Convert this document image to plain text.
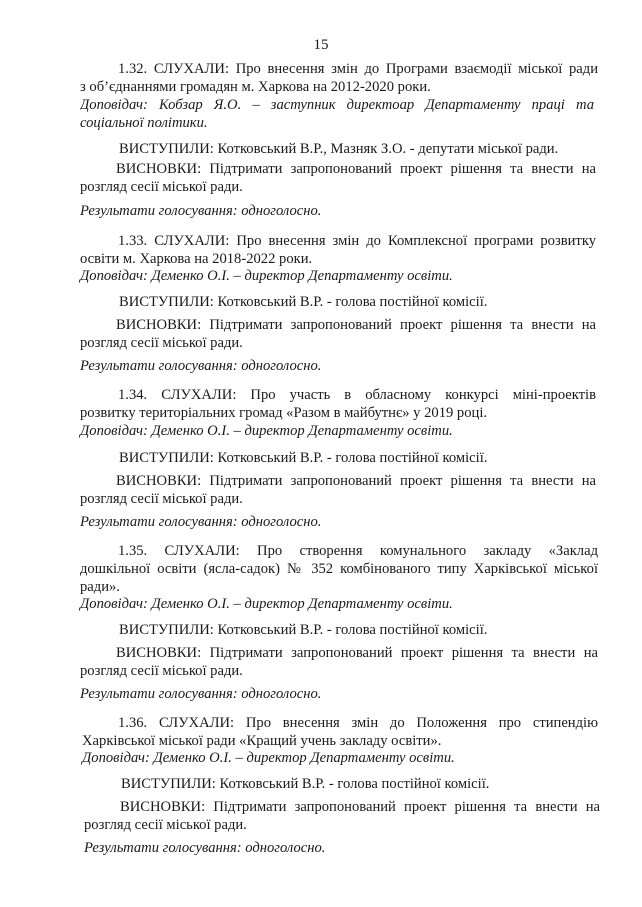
15
1.32. СЛУХАЛИ: Про внесення змін до Програми взаємодії міської ради
з об’єднаннями громадян м. Харкова на 2012-2020 роки.
Доповідач: Кобзар Я.О. – заступник директоар Департаменту праці та
соціальної політики.
ВИСТУПИЛИ: Котковський В.Р., Мазняк З.О. - депутати міської ради.
ВИСНОВКИ: Підтримати запропонований проект рішення та внести на
розгляд сесії міської ради.
Результати голосування: одноголосно.
1.33. СЛУХАЛИ: Про внесення змін до Комплексної програми розвитку
освіти м. Харкова на 2018-2022 роки.
Доповідач: Деменко О.І. – директор Департаменту освіти.
ВИСТУПИЛИ: Котковський В.Р. - голова постійної комісії.
ВИСНОВКИ: Підтримати запропонований проект рішення та внести на
розгляд сесії міської ради.
Результати голосування: одноголосно.
1.34. СЛУХАЛИ: Про участь в обласному конкурсі міні-проектів
розвитку територіальних громад «Разом в майбутнє» у 2019 році.
Доповідач: Деменко О.І. – директор Департаменту освіти.
ВИСТУПИЛИ: Котковський В.Р. - голова постійної комісії.
ВИСНОВКИ: Підтримати запропонований проект рішення та внести на
розгляд сесії міської ради.
Результати голосування: одноголосно.
1.35. СЛУХАЛИ: Про створення комунального закладу «Заклад
дошкільної освіти (ясла-садок) № 352 комбінованого типу Харківської міської
ради».
Доповідач: Деменко О.І. – директор Департаменту освіти.
ВИСТУПИЛИ: Котковський В.Р. - голова постійної комісії.
ВИСНОВКИ: Підтримати запропонований проект рішення та внести на
розгляд сесії міської ради.
Результати голосування: одноголосно.
1.36. СЛУХАЛИ: Про внесення змін до Положення про стипендію
Харківської міської ради «Кращий учень закладу освіти».
Доповідач: Деменко О.І. – директор Департаменту освіти.
ВИСТУПИЛИ: Котковський В.Р. - голова постійної комісії.
ВИСНОВКИ: Підтримати запропонований проект рішення та внести на
розгляд сесії міської ради.
Результати голосування: одноголосно.
